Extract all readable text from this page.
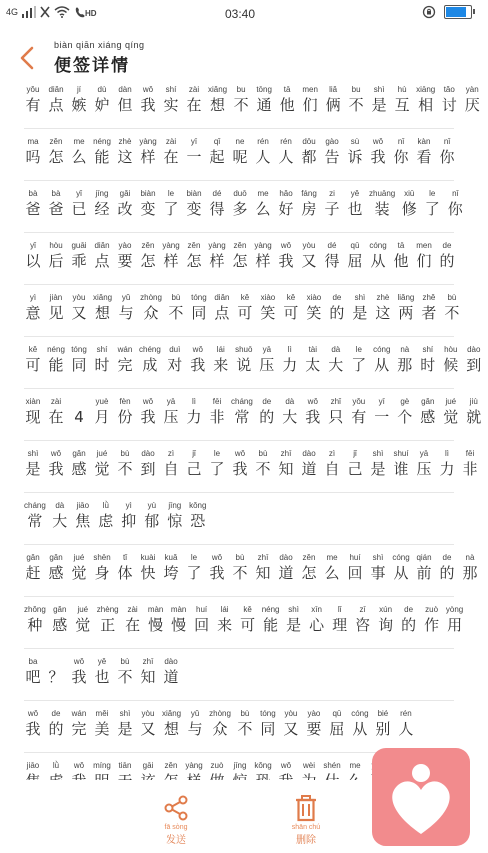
4G	HD	03:40
biàn qiān xiáng qíng
便签详情
yǒu
有
diǎn
点
jí
嫉
dù
妒
dàn
但
wǒ
我
shí
实
zài
在
xiǎng
想
bu
不
tōng
通
tā
他
men
们
liǎ
俩
bu
不
shì
是
hù
互
xiāng
相
tǎo
讨
yàn
厌
ma
吗
zěn
怎
me
么
néng
能
zhè
这
yàng
样
zài
在
yī
一
qǐ
起
ne
呢
rén
人
rén
人
dōu
都
gào
告
sù
诉
wǒ
我
nǐ
你
kàn
看
nǐ
你
bà
爸
bà
爸
yǐ
已
jīng
经
gǎi
改
biàn
变
le
了
biàn
变
dé
得
duō
多
me
么
hǎo
好
fáng
房
zi
子
yě
也
zhuāng
装
xiū
修
le
了
nǐ
你
yǐ
以
hòu
后
guāi
乖
diǎn
点
yào
要
zěn
怎
yàng
样
zěn
怎
yàng
样
zěn
怎
yàng
样
wǒ
我
yòu
又
dé
得
qū
屈
cóng
从
tā
他
men
们
de
的
yì
意
jiàn
见
yòu
又
xiǎng
想
yǔ
与
zhòng
众
bù
不
tóng
同
diǎn
点
kě
可
xiào
笑
kě
可
xiào
笑
de
的
shì
是
zhè
这
liǎng
两
zhě
者
bù
不
kě
可
néng
能
tóng
同
shí
时
wán
完
chéng
成
duì
对
wǒ
我
lái
来
shuō
说
yā
压
lì
力
tài
太
dà
大
le
了
cóng
从
nà
那
shí
时
hòu
候
dào
到
xiàn
现
zài
在 4
yuè
月
fèn
份
wǒ
我
yā
压
lì
力
fēi
非
cháng
常
de
的
dà
大
wǒ
我
zhǐ
只
yǒu
有
yī
一
gè
个
gǎn
感
jué
觉
jiù
就
shì
是
wǒ
我
gǎn
感
jué
觉
bù
不
dào
到
zì
自
jǐ
己
le
了
wǒ
我
bù
不
zhī
知
dào
道
zì
自
jǐ
己
shì
是
shuí
谁
yā
压
lì
力
fēi
非
cháng
常
dà
大
jiāo
焦
lǜ
虑
yì
抑
yù
郁
jīng
惊
kǒng
恐
gǎn
赶
gǎn
感
jué
觉
shēn
身
tǐ
体
kuài
快
kuǎ
垮
le
了
wǒ
我
bù
不
zhī
知
dào
道
zěn
怎
me
么
huí
回
shì
事
cóng
从
qián
前
de
的
nà
那
zhǒng
种
gǎn
感
jué
觉
zhèng
正
zài
在
màn
慢
màn
慢
huí
回
lái
来
kě
可
néng
能
shì
是
xīn
心
lǐ
理
zī
咨
xún
询
de
的
zuò
作
yòng
用
ba
吧 ？
wǒ
我
yě
也
bù
不
zhī
知
dào
道
wǒ
我
de
的
wán
完
měi
美
shì
是
yòu
又
xiǎng
想
yǔ
与
zhòng
众
bù
不
tóng
同
yòu
又
yào
要
qū
屈
cóng
从
bié
别
rén
人
jiāo lǜ wǒ míng tiān gāi zěn yàng zuò jīng kǒng wǒ wèi shén me
fā sòng
发送
shān chú
删除
